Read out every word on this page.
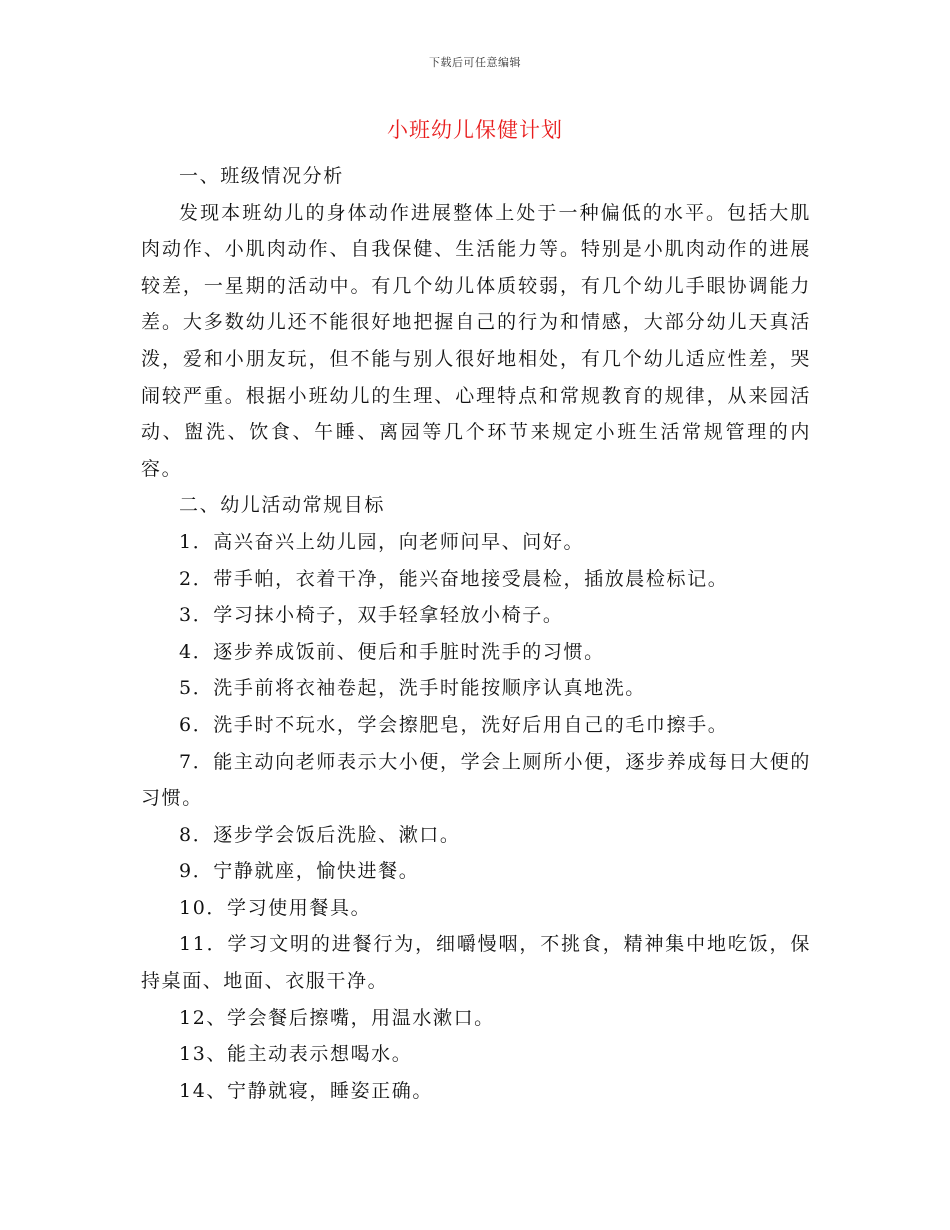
下载后可任意编辑
小班幼儿保健计划

一、班级情况分析

发现本班幼儿的身体动作进展整体上处于一种偏低的水平。包括大肌肉动作、小肌肉动作、自我保健、生活能力等。特别是小肌肉动作的进展较差，一星期的活动中。有几个幼儿体质较弱，有几个幼儿手眼协调能力差。大多数幼儿还不能很好地把握自己的行为和情感，大部分幼儿天真活泼，爱和小朋友玩，但不能与别人很好地相处，有几个幼儿适应性差，哭闹较严重。根据小班幼儿的生理、心理特点和常规教育的规律，从来园活动、盥洗、饮食、午睡、离园等几个环节来规定小班生活常规管理的内容。

二、幼儿活动常规目标

1．高兴奋兴上幼儿园，向老师问早、问好。

2．带手帕，衣着干净，能兴奋地接受晨检，插放晨检标记。

3．学习抹小椅子，双手轻拿轻放小椅子。

4．逐步养成饭前、便后和手脏时洗手的习惯。

5．洗手前将衣袖卷起，洗手时能按顺序认真地洗。

6．洗手时不玩水，学会擦肥皂，洗好后用自己的毛巾擦手。

7．能主动向老师表示大小便，学会上厕所小便，逐步养成每日大便的习惯。

8．逐步学会饭后洗脸、漱口。

9．宁静就座，愉快进餐。

10．学习使用餐具。

11．学习文明的进餐行为，细嚼慢咽，不挑食，精神集中地吃饭，保持桌面、地面、衣服干净。

12、学会餐后擦嘴，用温水漱口。

13、能主动表示想喝水。

14、宁静就寝，睡姿正确。
